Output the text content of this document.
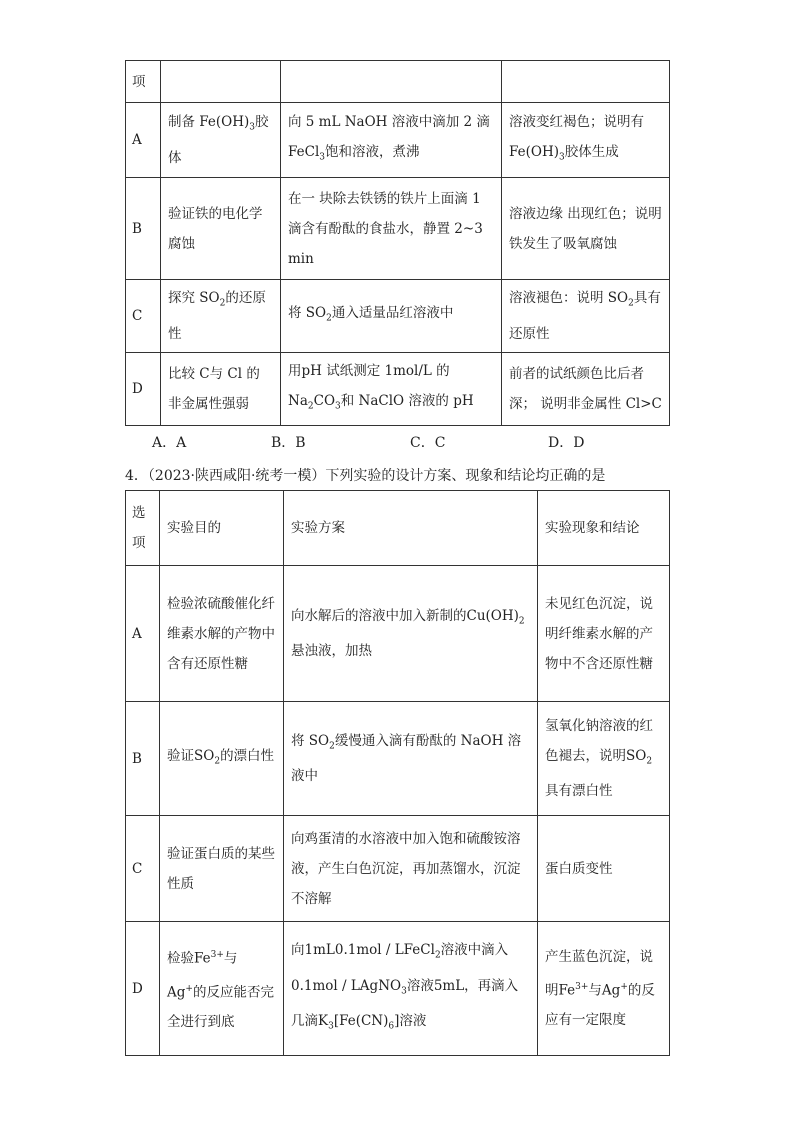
项			
A	制备 $Fe(OH)_3$胶体	向 5 mL NaOH 溶液中滴加 2 滴 FeCl$_3$饱和溶液，煮沸	溶液变红褐色；说明有$Fe(OH)_3$胶体生成
B	验证铁的电化学腐蚀	在一 块除去铁锈的铁片上面滴 1 滴含有酚酞的食盐水，静置 2~3 min	溶液边缘 出现红色；说明铁发生了吸氧腐蚀
C	探究 $SO_2$的还原性	将 $SO_2$通入适量品红溶液中	溶液褪色：说明 $SO_2$具有还原性
D	比较 C与 Cl 的非金属性强弱	用pH 试纸测定 1mol/L 的 $Na_2CO_3$和 NaClO 溶液的 pH	前者的试纸颜色比后者深； 说明非金属性 Cl>C
A．A	B．B	C．C	D．D
4．（2023·陕西咸阳·统考一模）下列实验的设计方案、现象和结论均正确的是
选项	实验目的	实验方案	实验现象和结论
A	检验浓硫酸催化纤维素水解的产物中含有还原性糖	向水解后的溶液中加入新制的$Cu(OH)_2$悬浊液，加热	未见红色沉淀，说明纤维素水解的产物中不含还原性糖
B	验证$SO_2$的漂白性	将 $SO_2$缓慢通入滴有酚酞的 NaOH 溶液中	氢氧化钠溶液的红色褪去，说明$SO_2$具有漂白性
C	验证蛋白质的某些性质	向鸡蛋清的水溶液中加入饱和硫酸铵溶液，产生白色沉淀，再加蒸馏水，沉淀不溶解	蛋白质变性
D	检验$Fe^{3+}$与Ag+的反应能否完全进行到底	向1mL0.1mol / LFeCl$_2$溶液中滴入 0.1mol / LAgNO$_3$溶液5mL，再滴入几滴$K_3[Fe(CN)_6]$溶液	产生蓝色沉淀，说明$Fe^{3+}$与Ag+的反应有一定限度
